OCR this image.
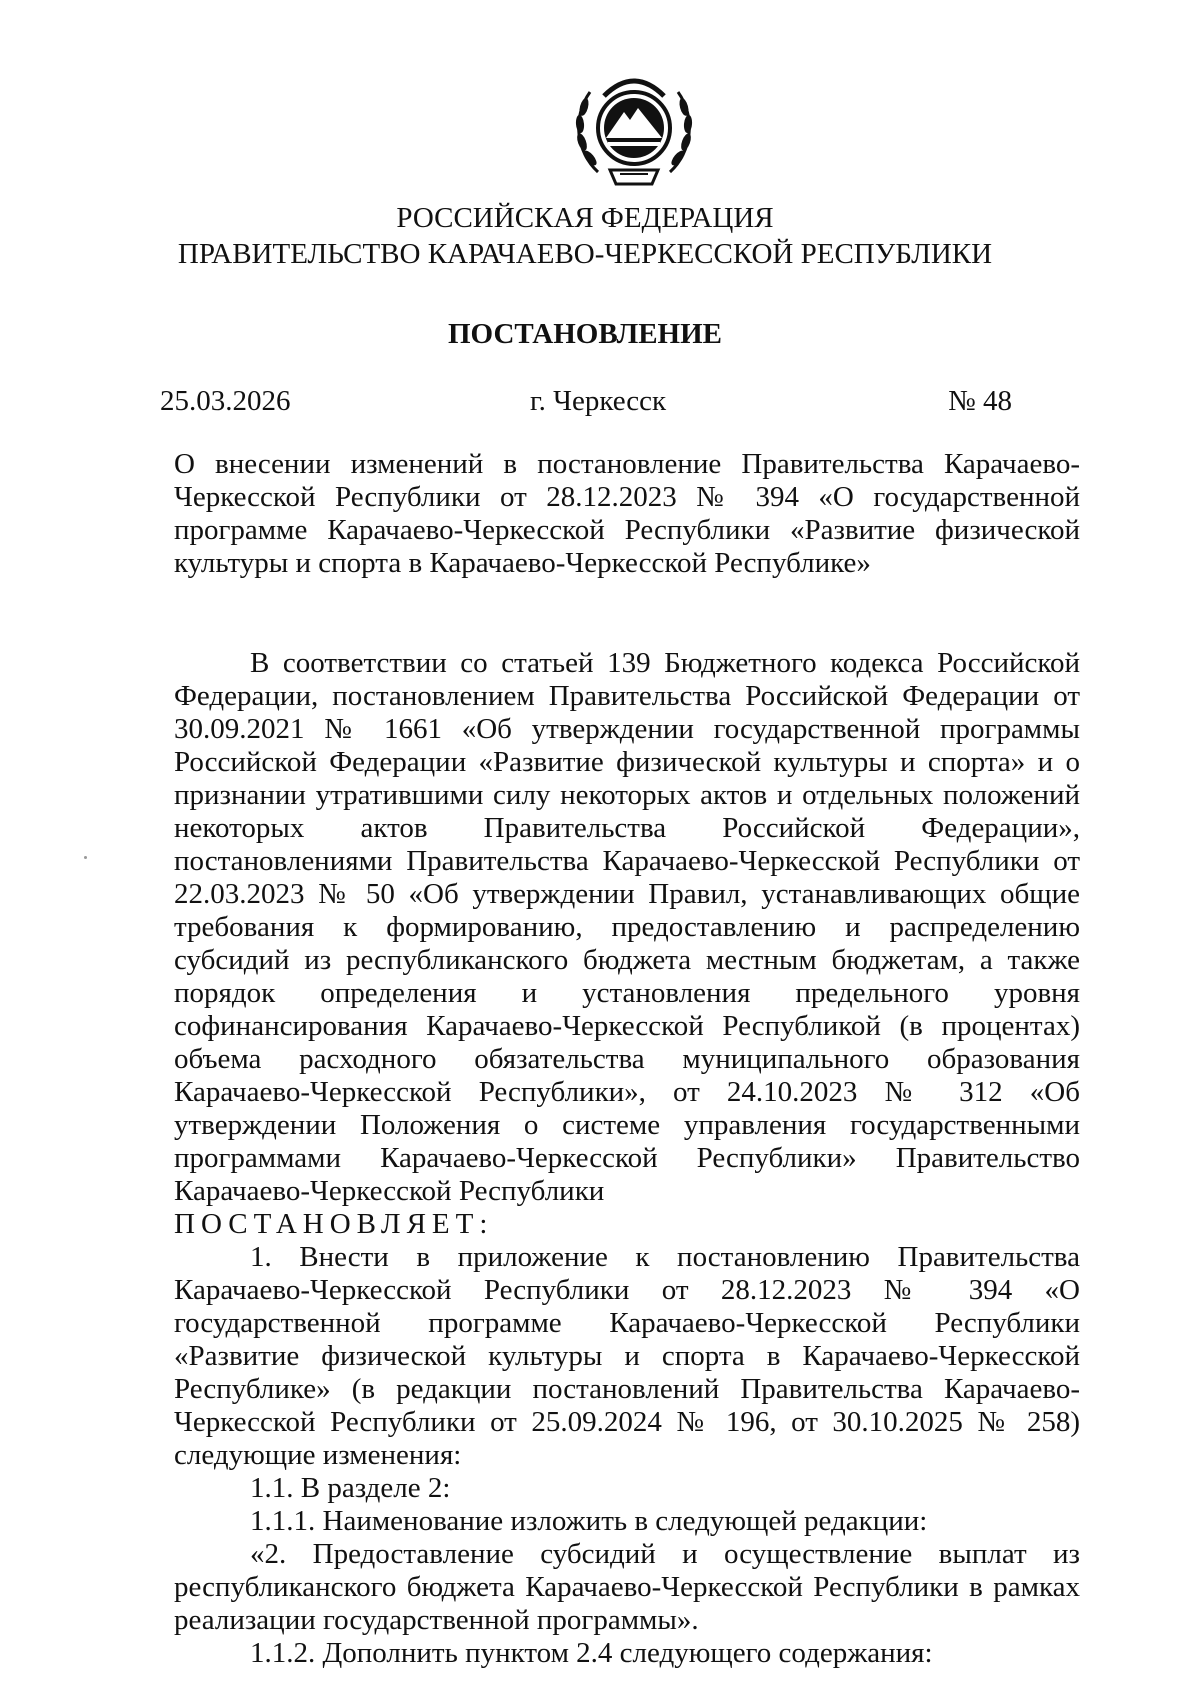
РОССИЙСКАЯ ФЕДЕРАЦИЯ
ПРАВИТЕЛЬСТВО КАРАЧАЕВО-ЧЕРКЕССКОЙ РЕСПУБЛИКИ
ПОСТАНОВЛЕНИЕ
25.03.2026	г. Черкесск	№ 48
О внесении изменений в постановление Правительства Карачаево-Черкесской Республики от 28.12.2023 № 394 «О государственной программе Карачаево-Черкесской Республики «Развитие физической культуры и спорта в Карачаево-Черкесской Республике»

В соответствии со статьей 139 Бюджетного кодекса Российской Федерации, постановлением Правительства Российской Федерации от 30.09.2021 № 1661 «Об утверждении государственной программы Российской Федерации «Развитие физической культуры и спорта» и о признании утратившими силу некоторых актов и отдельных положений некоторых актов Правительства Российской Федерации», постановлениями Правительства Карачаево-Черкесской Республики от 22.03.2023 № 50 «Об утверждении Правил, устанавливающих общие требования к формированию, предоставлению и распределению субсидий из республиканского бюджета местным бюджетам, а также порядок определения и установления предельного уровня софинансирования Карачаево-Черкесской Республикой (в процентах) объема расходного обязательства муниципального образования Карачаево-Черкесской Республики», от 24.10.2023 № 312 «Об утверждении Положения о системе управления государственными программами Карачаево-Черкесской Республики» Правительство Карачаево-Черкесской Республики

ПОСТАНОВЛЯЕТ:

1. Внести в приложение к постановлению Правительства Карачаево-Черкесской Республики от 28.12.2023 № 394 «О государственной программе Карачаево-Черкесской Республики «Развитие физической культуры и спорта в Карачаево-Черкесской Республике» (в редакции постановлений Правительства Карачаево-Черкесской Республики от 25.09.2024 № 196, от 30.10.2025 № 258) следующие изменения:

1.1. В разделе 2:

1.1.1. Наименование изложить в следующей редакции:

«2. Предоставление субсидий и осуществление выплат из республиканского бюджета Карачаево-Черкесской Республики в рамках реализации государственной программы».

1.1.2. Дополнить пунктом 2.4 следующего содержания:
